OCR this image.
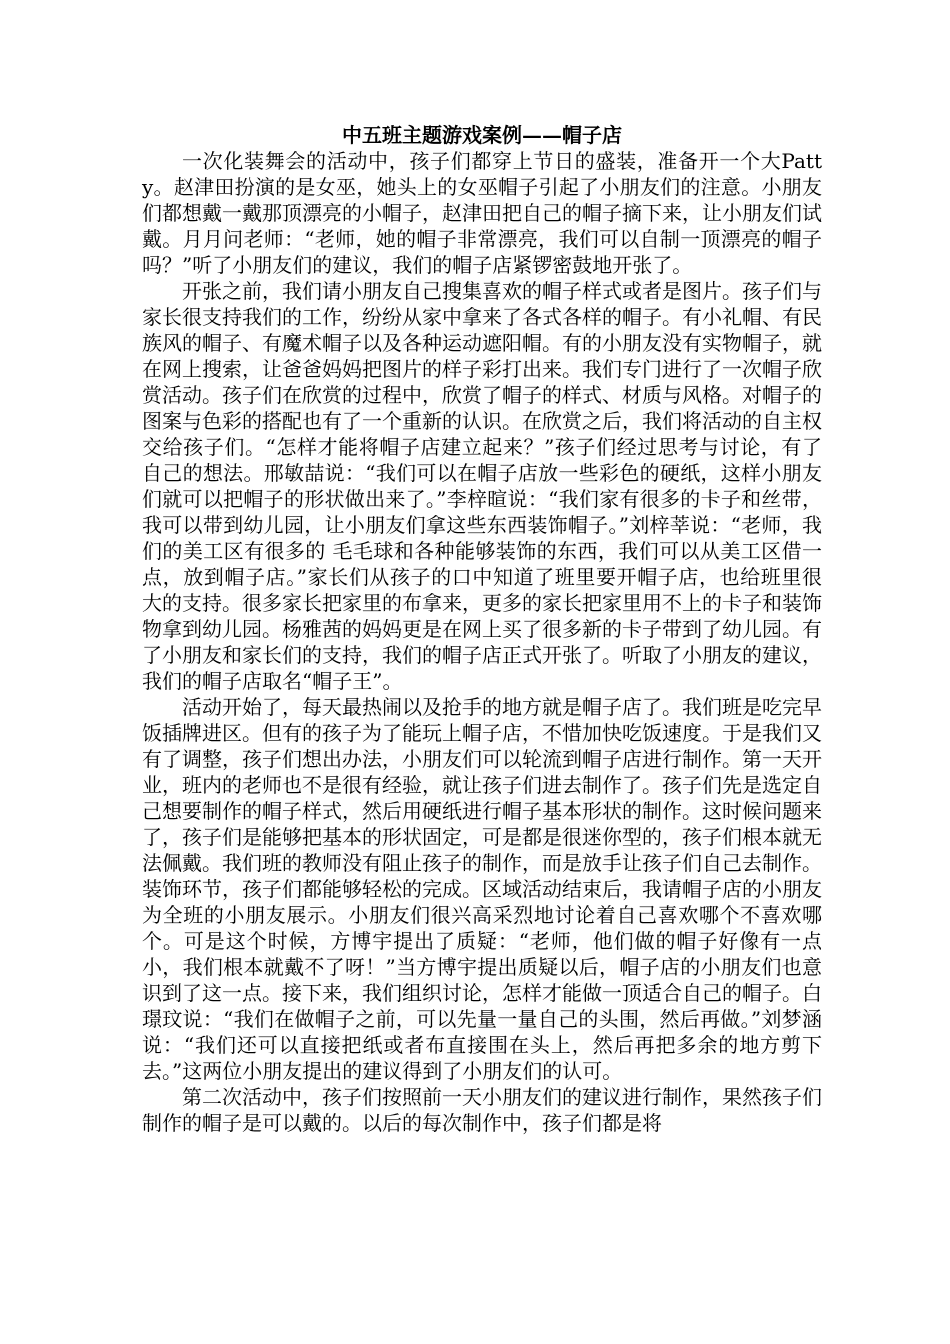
中五班主题游戏案例——帽子店

一次化装舞会的活动中，孩子们都穿上节日的盛装，准备开一个大Patty。赵津田扮演的是女巫，她头上的女巫帽子引起了小朋友们的注意。小朋友们都想戴一戴那顶漂亮的小帽子，赵津田把自己的帽子摘下来，让小朋友们试戴。月月问老师：“老师，她的帽子非常漂亮，我们可以自制一顶漂亮的帽子吗？”听了小朋友们的建议，我们的帽子店紧锣密鼓地开张了。

开张之前，我们请小朋友自己搜集喜欢的帽子样式或者是图片。孩子们与家长很支持我们的工作，纷纷从家中拿来了各式各样的帽子。有小礼帽、有民族风的帽子、有魔术帽子以及各种运动遮阳帽。有的小朋友没有实物帽子，就在网上搜索，让爸爸妈妈把图片的样子彩打出来。我们专门进行了一次帽子欣赏活动。孩子们在欣赏的过程中，欣赏了帽子的样式、材质与风格。对帽子的图案与色彩的搭配也有了一个重新的认识。在欣赏之后，我们将活动的自主权交给孩子们。“怎样才能将帽子店建立起来？”孩子们经过思考与讨论，有了自己的想法。邢敏喆说：“我们可以在帽子店放一些彩色的硬纸，这样小朋友们就可以把帽子的形状做出来了。”李梓暄说：“我们家有很多的卡子和丝带，我可以带到幼儿园，让小朋友们拿这些东西装饰帽子。”刘梓莘说：“老师，我们的美工区有很多的 毛毛球和各种能够装饰的东西，我们可以从美工区借一点，放到帽子店。”家长们从孩子的口中知道了班里要开帽子店，也给班里很大的支持。很多家长把家里的布拿来，更多的家长把家里用不上的卡子和装饰物拿到幼儿园。杨雅茜的妈妈更是在网上买了很多新的卡子带到了幼儿园。有了小朋友和家长们的支持，我们的帽子店正式开张了。听取了小朋友的建议，我们的帽子店取名“帽子王”。

活动开始了，每天最热闹以及抢手的地方就是帽子店了。我们班是吃完早饭插牌进区。但有的孩子为了能玩上帽子店，不惜加快吃饭速度。于是我们又有了调整，孩子们想出办法，小朋友们可以轮流到帽子店进行制作。第一天开业，班内的老师也不是很有经验，就让孩子们进去制作了。孩子们先是选定自己想要制作的帽子样式，然后用硬纸进行帽子基本形状的制作。这时候问题来了，孩子们是能够把基本的形状固定，可是都是很迷你型的，孩子们根本就无法佩戴。我们班的教师没有阻止孩子的制作，而是放手让孩子们自己去制作。装饰环节，孩子们都能够轻松的完成。区域活动结束后，我请帽子店的小朋友为全班的小朋友展示。小朋友们很兴高采烈地讨论着自己喜欢哪个不喜欢哪个。可是这个时候，方博宇提出了质疑：“老师，他们做的帽子好像有一点小，我们根本就戴不了呀！”当方博宇提出质疑以后，帽子店的小朋友们也意识到了这一点。接下来，我们组织讨论，怎样才能做一顶适合自己的帽子。白璟玟说：“我们在做帽子之前，可以先量一量自己的头围，然后再做。”刘梦涵说：“我们还可以直接把纸或者布直接围在头上，然后再把多余的地方剪下去。”这两位小朋友提出的建议得到了小朋友们的认可。

第二次活动中，孩子们按照前一天小朋友们的建议进行制作，果然孩子们制作的帽子是可以戴的。以后的每次制作中，孩子们都是将
